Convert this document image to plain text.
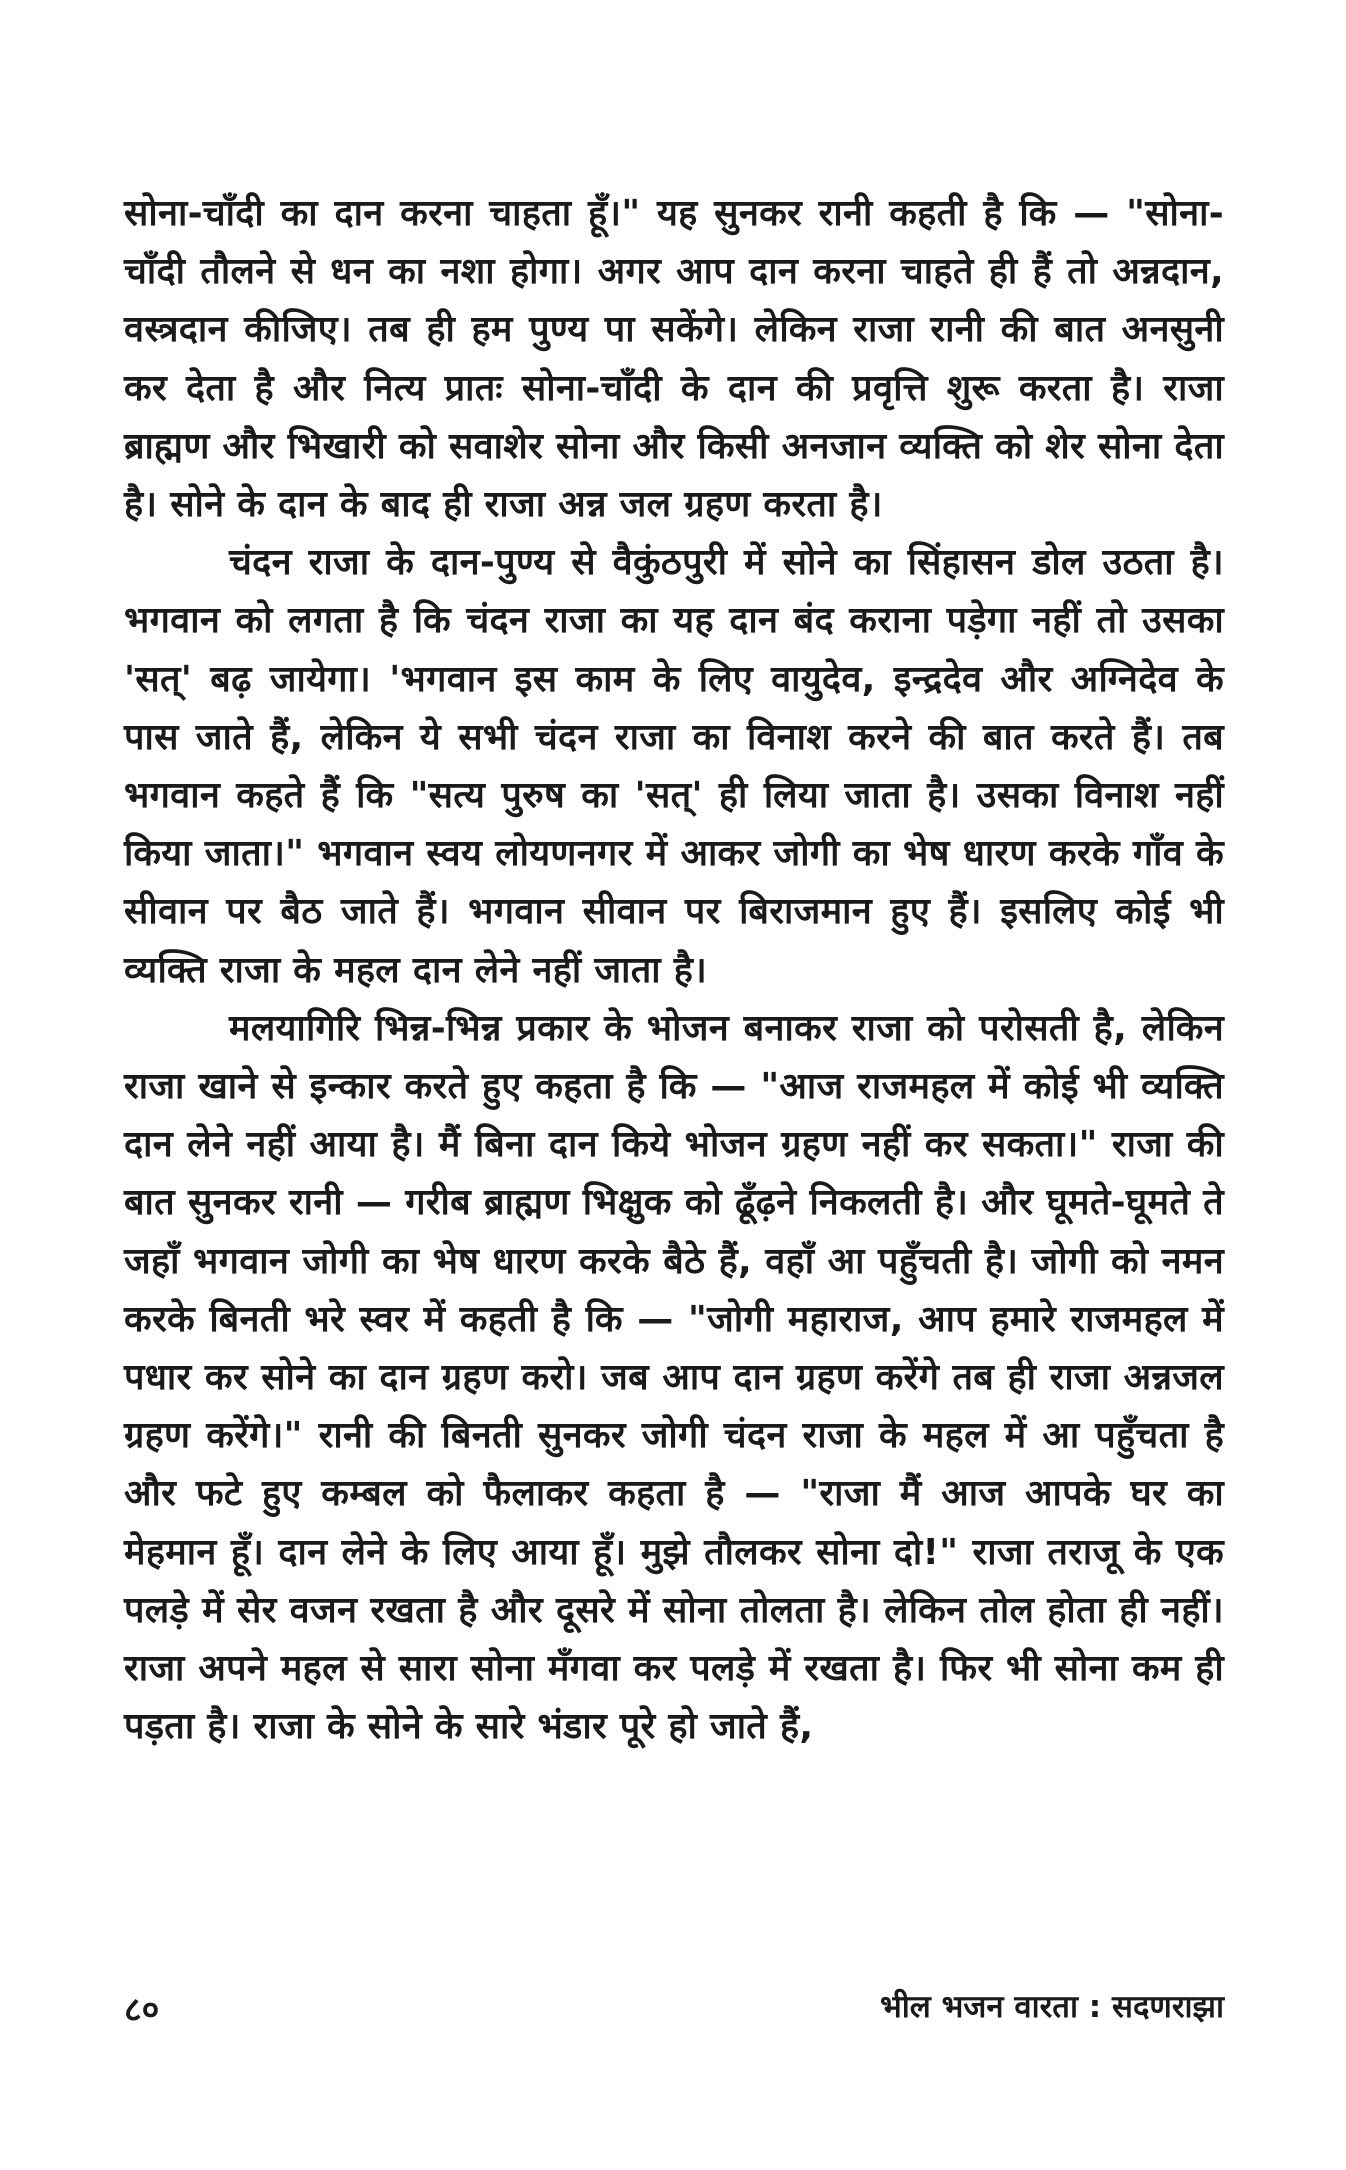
सोना-चाँदी का दान करना चाहता हूँ।" यह सुनकर रानी कहती है कि — "सोना-चाँदी तौलने से धन का नशा होगा। अगर आप दान करना चाहते ही हैं तो अन्नदान, वस्त्रदान कीजिए। तब ही हम पुण्य पा सकेंगे। लेकिन राजा रानी की बात अनसुनी कर देता है और नित्य प्रातः सोना-चाँदी के दान की प्रवृत्ति शुरू करता है। राजा ब्राह्मण और भिखारी को सवाशेर सोना और किसी अनजान व्यक्ति को शेर सोना देता है। सोने के दान के बाद ही राजा अन्न जल ग्रहण करता है।

चंदन राजा के दान-पुण्य से वैकुंठपुरी में सोने का सिंहासन डोल उठता है। भगवान को लगता है कि चंदन राजा का यह दान बंद कराना पड़ेगा नहीं तो उसका 'सत्' बढ़ जायेगा। 'भगवान इस काम के लिए वायुदेव, इन्द्रदेव और अग्निदेव के पास जाते हैं, लेकिन ये सभी चंदन राजा का विनाश करने की बात करते हैं। तब भगवान कहते हैं कि "सत्य पुरुष का 'सत्' ही लिया जाता है। उसका विनाश नहीं किया जाता।" भगवान स्वय लोयणनगर में आकर जोगी का भेष धारण करके गाँव के सीवान पर बैठ जाते हैं। भगवान सीवान पर बिराजमान हुए हैं। इसलिए कोई भी व्यक्ति राजा के महल दान लेने नहीं जाता है।

मलयागिरि भिन्न-भिन्न प्रकार के भोजन बनाकर राजा को परोसती है, लेकिन राजा खाने से इन्कार करते हुए कहता है कि — "आज राजमहल में कोई भी व्यक्ति दान लेने नहीं आया है। मैं बिना दान किये भोजन ग्रहण नहीं कर सकता।" राजा की बात सुनकर रानी — गरीब ब्राह्मण भिक्षुक को ढूँढ़ने निकलती है। और घूमते-घूमते ते जहाँ भगवान जोगी का भेष धारण करके बैठे हैं, वहाँ आ पहुँचती है। जोगी को नमन करके बिनती भरे स्वर में कहती है कि — "जोगी महाराज, आप हमारे राजमहल में पधार कर सोने का दान ग्रहण करो। जब आप दान ग्रहण करेंगे तब ही राजा अन्नजल ग्रहण करेंगे।" रानी की बिनती सुनकर जोगी चंदन राजा के महल में आ पहुँचता है और फटे हुए कम्बल को फैलाकर कहता है — "राजा मैं आज आपके घर का मेहमान हूँ। दान लेने के लिए आया हूँ। मुझे तौलकर सोना दो!" राजा तराजू के एक पलड़े में सेर वजन रखता है और दूसरे में सोना तोलता है। लेकिन तोल होता ही नहीं। राजा अपने महल से सारा सोना मँगवा कर पलड़े में रखता है। फिर भी सोना कम ही पड़ता है। राजा के सोने के सारे भंडार पूरे हो जाते हैं,

८०	भील भजन वारता : सदणराझा
